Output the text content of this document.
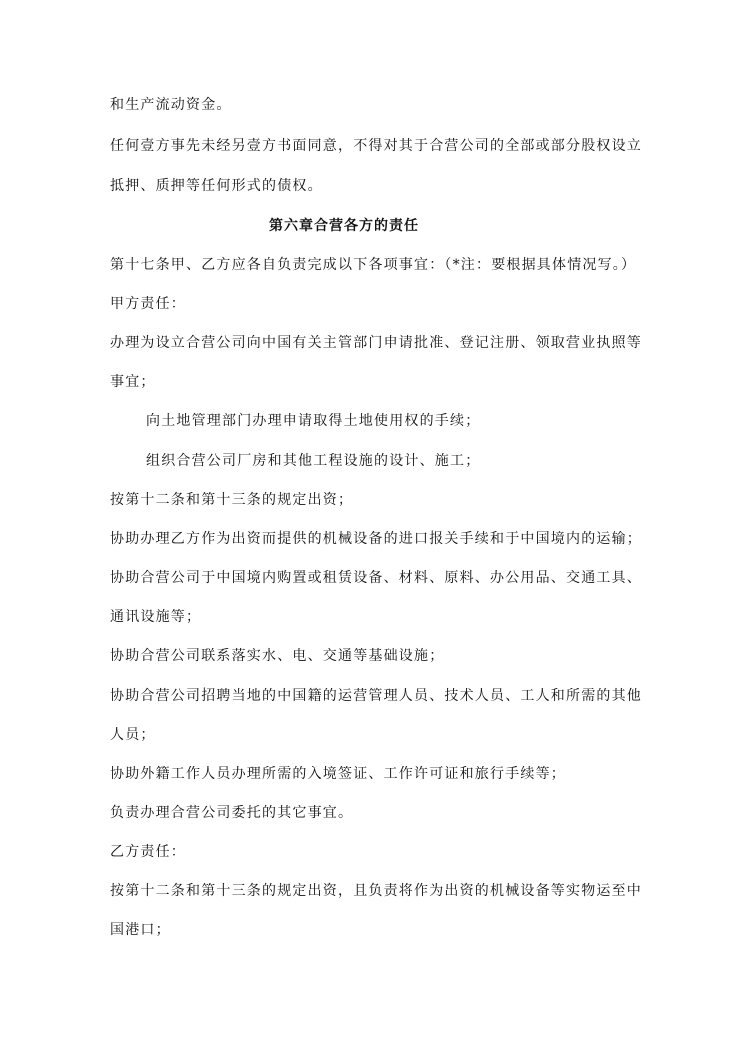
和生产流动资金。
任何壹方事先未经另壹方书面同意，不得对其于合营公司的全部或部分股权设立
抵押、质押等任何形式的债权。
第六章合营各方的责任
第十七条甲、乙方应各自负责完成以下各项事宜：（*注：要根据具体情况写。）
甲方责任：
办理为设立合营公司向中国有关主管部门申请批准、登记注册、领取营业执照等
事宜；
向土地管理部门办理申请取得土地使用权的手续；
组织合营公司厂房和其他工程设施的设计、施工；
按第十二条和第十三条的规定出资；
协助办理乙方作为出资而提供的机械设备的进口报关手续和于中国境内的运输；
协助合营公司于中国境内购置或租赁设备、材料、原料、办公用品、交通工具、
通讯设施等；
协助合营公司联系落实水、电、交通等基础设施；
协助合营公司招聘当地的中国籍的运营管理人员、技术人员、工人和所需的其他
人员；
协助外籍工作人员办理所需的入境签证、工作许可证和旅行手续等；
负责办理合营公司委托的其它事宜。
乙方责任：
按第十二条和第十三条的规定出资，且负责将作为出资的机械设备等实物运至中
国港口；
